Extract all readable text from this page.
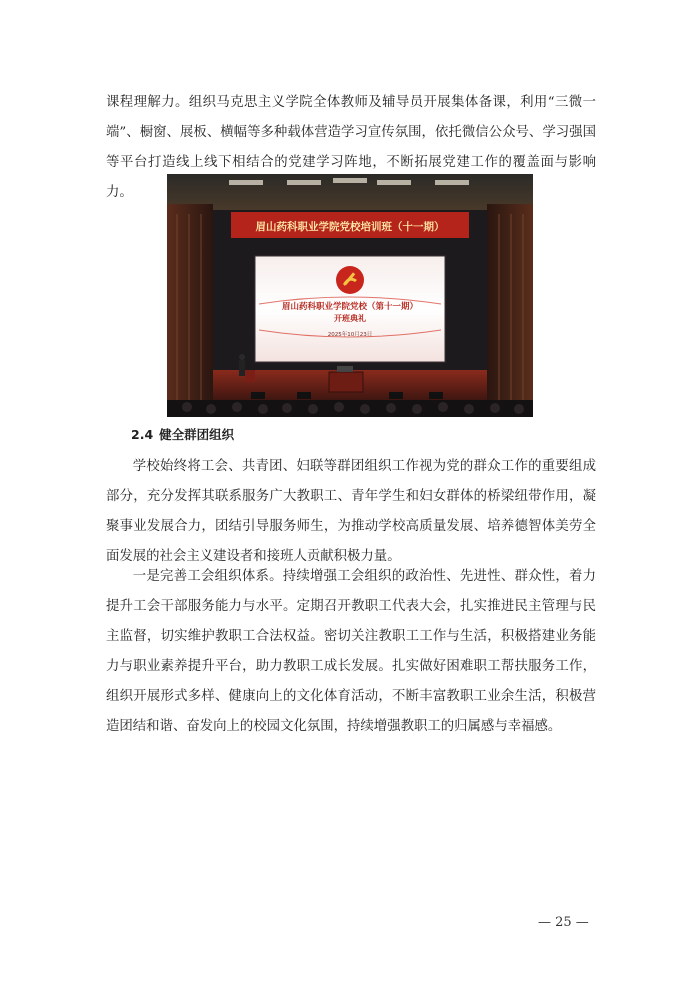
课程理解力。组织马克思主义学院全体教师及辅导员开展集体备课，利用“三微一端”、橱窗、展板、横幅等多种载体营造学习宣传氛围，依托微信公众号、学习强国等平台打造线上线下相结合的党建学习阵地，不断拓展党建工作的覆盖面与影响力。

眉山药科职业学院党校培训班（十一期）
眉山药科职业学院党校（第十一期）
开班典礼
2025年10月23日

2.4 健全群团组织

学校始终将工会、共青团、妇联等群团组织工作视为党的群众工作的重要组成部分，充分发挥其联系服务广大教职工、青年学生和妇女群体的桥梁纽带作用，凝聚事业发展合力，团结引导服务师生，为推动学校高质量发展、培养德智体美劳全面发展的社会主义建设者和接班人贡献积极力量。

一是完善工会组织体系。持续增强工会组织的政治性、先进性、群众性，着力提升工会干部服务能力与水平。定期召开教职工代表大会，扎实推进民主管理与民主监督，切实维护教职工合法权益。密切关注教职工工作与生活，积极搭建业务能力与职业素养提升平台，助力教职工成长发展。扎实做好困难职工帮扶服务工作，组织开展形式多样、健康向上的文化体育活动，不断丰富教职工业余生活，积极营造团结和谐、奋发向上的校园文化氛围，持续增强教职工的归属感与幸福感。

— 25 —
